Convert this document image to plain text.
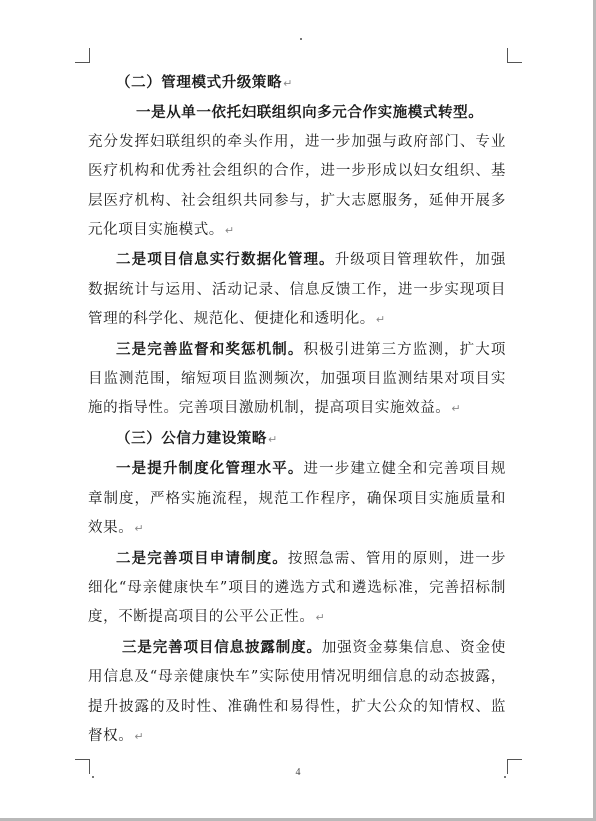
（二）管理模式升级策略↵

一是从单一依托妇联组织向多元合作实施模式转型。

充分发挥妇联组织的牵头作用，进一步加强与政府部门、专业医疗机构和优秀社会组织的合作，进一步形成以妇女组织、基层医疗机构、社会组织共同参与，扩大志愿服务，延伸开展多元化项目实施模式。↵

二是项目信息实行数据化管理。升级项目管理软件，加强数据统计与运用、活动记录、信息反馈工作，进一步实现项目管理的科学化、规范化、便捷化和透明化。↵

三是完善监督和奖惩机制。积极引进第三方监测，扩大项目监测范围，缩短项目监测频次，加强项目监测结果对项目实施的指导性。完善项目激励机制，提高项目实施效益。↵

（三）公信力建设策略↵

一是提升制度化管理水平。进一步建立健全和完善项目规章制度，严格实施流程，规范工作程序，确保项目实施质量和效果。↵

二是完善项目申请制度。按照急需、管用的原则，进一步细化“母亲健康快车”项目的遴选方式和遴选标准，完善招标制度，不断提高项目的公平公正性。↵

三是完善项目信息披露制度。加强资金募集信息、资金使用信息及“母亲健康快车”实际使用情况明细信息的动态披露，提升披露的及时性、准确性和易得性，扩大公众的知情权、监督权。↵

4
